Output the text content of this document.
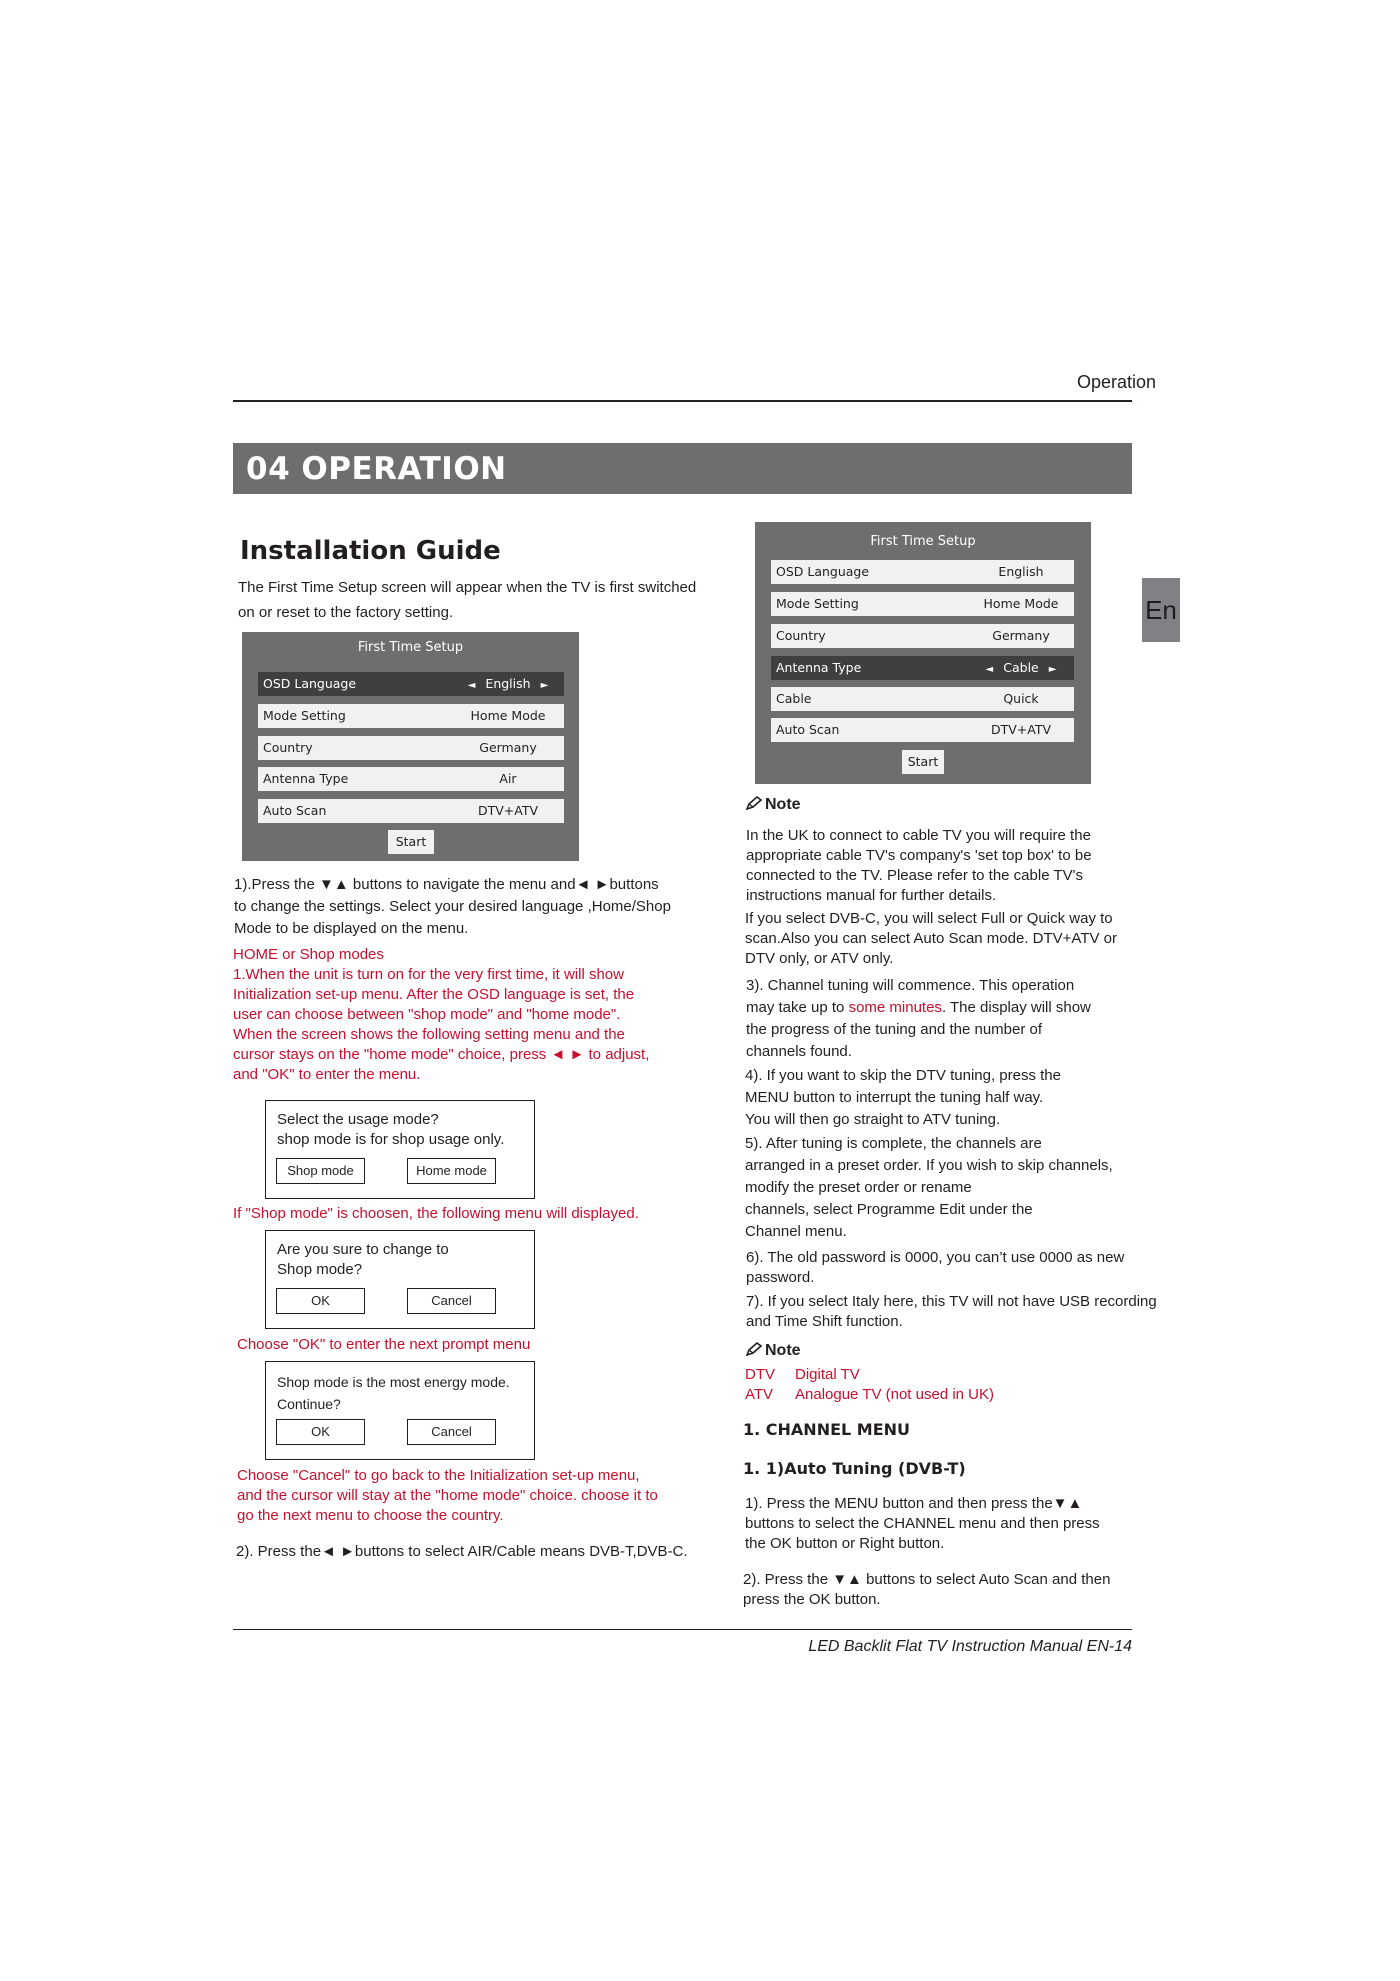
Operation
04 OPERATION
En
Installation Guide
The First Time Setup screen will appear when the TV is first switched
on or reset to the factory setting.
First Time Setup
OSD Language	◄ English ►
Mode Setting	Home Mode
Country	Germany
Antenna Type	Air
Auto Scan	DTV+ATV
Start
1).Press the ▼▲ buttons to navigate the menu and◄ ►buttons
to change the settings. Select your desired language ,Home/Shop
Mode to be displayed on the menu.
HOME or Shop modes
1.When the unit is turn on for the very first time, it will show
Initialization set-up menu. After the OSD language is set, the
user can choose between "shop mode" and "home mode".
When the screen shows the following setting menu and the
cursor stays on the "home mode" choice, press ◄ ► to adjust,
and "OK" to enter the menu.
Select the usage mode?
shop mode is for shop usage only.
Shop mode	Home mode
If "Shop mode" is choosen, the following menu will displayed.
Are you sure to change to
Shop mode?
OK	Cancel
Choose "OK" to enter the next prompt menu
Shop mode is the most energy mode.
Continue?
OK	Cancel
Choose "Cancel" to go back to the Initialization set-up menu,
and the cursor will stay at the "home mode" choice. choose it to
go the next menu to choose the country.
2). Press the◄ ►buttons to select AIR/Cable means DVB-T,DVB-C.
First Time Setup
OSD Language	English
Mode Setting	Home Mode
Country	Germany
Antenna Type	◄ Cable ►
Cable	Quick
Auto Scan	DTV+ATV
Start
Note
In the UK to connect to cable TV you will require the
appropriate cable TV's company's 'set top box' to be
connected to the TV. Please refer to the cable TV's
instructions manual for further details.
If you select DVB-C, you will select Full or Quick way to
scan.Also you can select Auto Scan mode. DTV+ATV or
DTV only, or ATV only.
3). Channel tuning will commence. This operation
may take up to some minutes. The display will show
the progress of the tuning and the number of
channels found.
4). If you want to skip the DTV tuning, press the
MENU button to interrupt the tuning half way.
You will then go straight to ATV tuning.
5). After tuning is complete, the channels are
arranged in a preset order. If you wish to skip channels,
modify the preset order or rename
channels, select Programme Edit under the
Channel menu.
6). The old password is 0000, you can’t use 0000 as new
password.
7). If you select Italy here, this TV will not have USB recording
and Time Shift function.
Note
DTV Digital TV
ATV Analogue TV (not used in UK)
1. CHANNEL MENU
1. 1)Auto Tuning (DVB-T)
1). Press the MENU button and then press the▼▲
buttons to select the CHANNEL menu and then press
the OK button or Right button.
2). Press the ▼▲ buttons to select Auto Scan and then
press the OK button.
LED Backlit Flat TV Instruction Manual EN-14
